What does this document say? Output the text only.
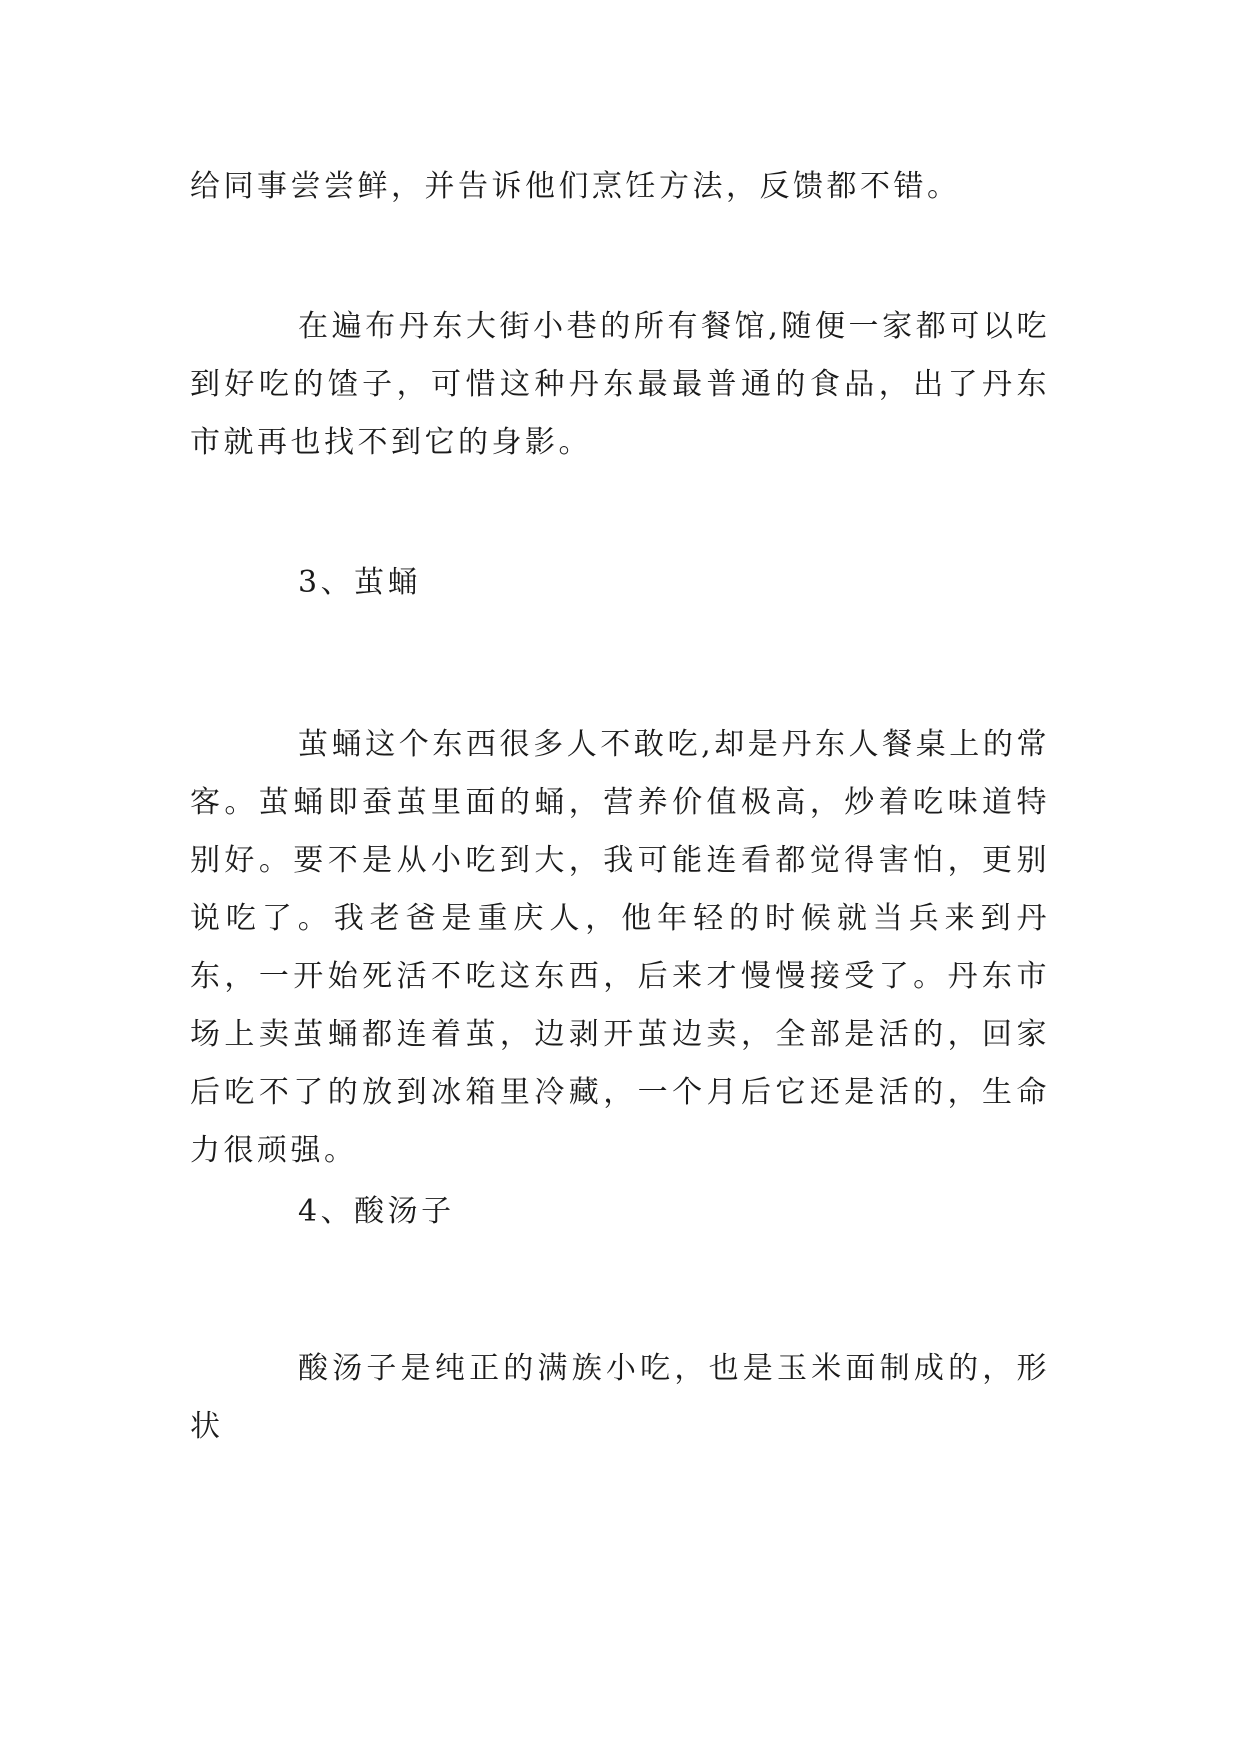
给同事尝尝鲜，并告诉他们烹饪方法，反馈都不错。

在遍布丹东大街小巷的所有餐馆,随便一家都可以吃到好吃的馇子，可惜这种丹东最最普通的食品，出了丹东市就再也找不到它的身影。

3、茧蛹

茧蛹这个东西很多人不敢吃,却是丹东人餐桌上的常客。茧蛹即蚕茧里面的蛹，营养价值极高，炒着吃味道特别好。要不是从小吃到大，我可能连看都觉得害怕，更别说吃了。我老爸是重庆人，他年轻的时候就当兵来到丹东，一开始死活不吃这东西，后来才慢慢接受了。丹东市场上卖茧蛹都连着茧，边剥开茧边卖，全部是活的，回家后吃不了的放到冰箱里冷藏，一个月后它还是活的，生命力很顽强。

4、酸汤子

酸汤子是纯正的满族小吃，也是玉米面制成的，形状
